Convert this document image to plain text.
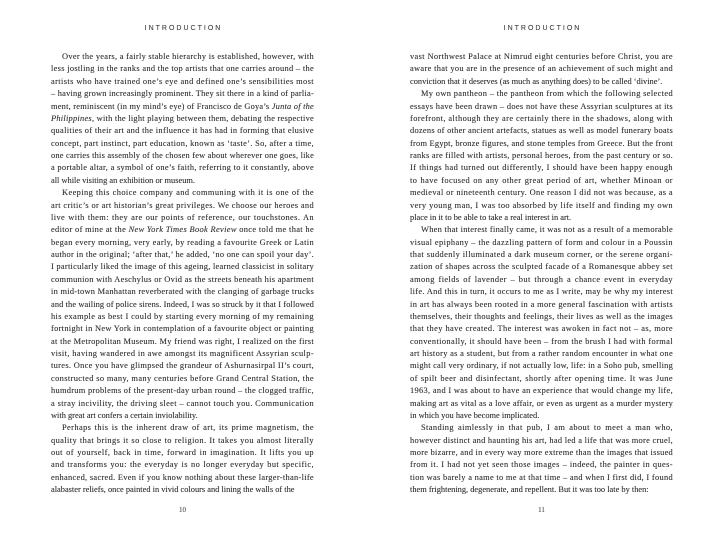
INTRODUCTION
Over the years, a fairly stable hierarchy is established, however, with
less jostling in the ranks and the top artists that one carries around – the
artists who have trained one’s eye and defined one’s sensibilities most
– having grown increasingly prominent. They sit there in a kind of parlia-
ment, reminiscent (in my mind’s eye) of Francisco de Goya’s Junta of the
Philippines, with the light playing between them, debating the respective
qualities of their art and the influence it has had in forming that elusive
concept, part instinct, part education, known as ‘taste’. So, after a time,
one carries this assembly of the chosen few about wherever one goes, like
a portable altar, a symbol of one’s faith, referring to it constantly, above
all while visiting an exhibition or museum.
Keeping this choice company and communing with it is one of the
art critic’s or art historian’s great privileges. We choose our heroes and
live with them: they are our points of reference, our touchstones. An
editor of mine at the New York Times Book Review once told me that he
began every morning, very early, by reading a favourite Greek or Latin
author in the original; ‘after that,’ he added, ‘no one can spoil your day’.
I particularly liked the image of this ageing, learned classicist in solitary
communion with Aeschylus or Ovid as the streets beneath his apartment
in mid-town Manhattan reverberated with the clanging of garbage trucks
and the wailing of police sirens. Indeed, I was so struck by it that I followed
his example as best I could by starting every morning of my remaining
fortnight in New York in contemplation of a favourite object or painting
at the Metropolitan Museum. My friend was right, I realized on the first
visit, having wandered in awe amongst its magnificent Assyrian sculp-
tures. Once you have glimpsed the grandeur of Ashurnasirpal II’s court,
constructed so many, many centuries before Grand Central Station, the
humdrum problems of the present-day urban round – the clogged traffic,
a stray incivility, the driving sleet – cannot touch you. Communication
with great art confers a certain inviolability.
Perhaps this is the inherent draw of art, its prime magnetism, the
quality that brings it so close to religion. It takes you almost literally
out of yourself, back in time, forward in imagination. It lifts you up
and transforms you: the everyday is no longer everyday but specific,
enhanced, sacred. Even if you know nothing about these larger-than-life
alabaster reliefs, once painted in vivid colours and lining the walls of the
10
INTRODUCTION
vast Northwest Palace at Nimrud eight centuries before Christ, you are
aware that you are in the presence of an achievement of such might and
conviction that it deserves (as much as anything does) to be called ‘divine’.
My own pantheon – the pantheon from which the following selected
essays have been drawn – does not have these Assyrian sculptures at its
forefront, although they are certainly there in the shadows, along with
dozens of other ancient artefacts, statues as well as model funerary boats
from Egypt, bronze figures, and stone temples from Greece. But the front
ranks are filled with artists, personal heroes, from the past century or so.
If things had turned out differently, I should have been happy enough
to have focused on any other great period of art, whether Minoan or
medieval or nineteenth century. One reason I did not was because, as a
very young man, I was too absorbed by life itself and finding my own
place in it to be able to take a real interest in art.
When that interest finally came, it was not as a result of a memorable
visual epiphany – the dazzling pattern of form and colour in a Poussin
that suddenly illuminated a dark museum corner, or the serene organi-
zation of shapes across the sculpted facade of a Romanesque abbey set
among fields of lavender – but through a chance event in everyday
life. And this in turn, it occurs to me as I write, may be why my interest
in art has always been rooted in a more general fascination with artists
themselves, their thoughts and feelings, their lives as well as the images
that they have created. The interest was awoken in fact not – as, more
conventionally, it should have been – from the brush I had with formal
art history as a student, but from a rather random encounter in what one
might call very ordinary, if not actually low, life: in a Soho pub, smelling
of spilt beer and disinfectant, shortly after opening time. It was June
1963, and I was about to have an experience that would change my life,
making art as vital as a love affair, or even as urgent as a murder mystery
in which you have become implicated.
Standing aimlessly in that pub, I am about to meet a man who,
however distinct and haunting his art, had led a life that was more cruel,
more bizarre, and in every way more extreme than the images that issued
from it. I had not yet seen those images – indeed, the painter in ques-
tion was barely a name to me at that time – and when I first did, I found
them frightening, degenerate, and repellent. But it was too late by then:
11
